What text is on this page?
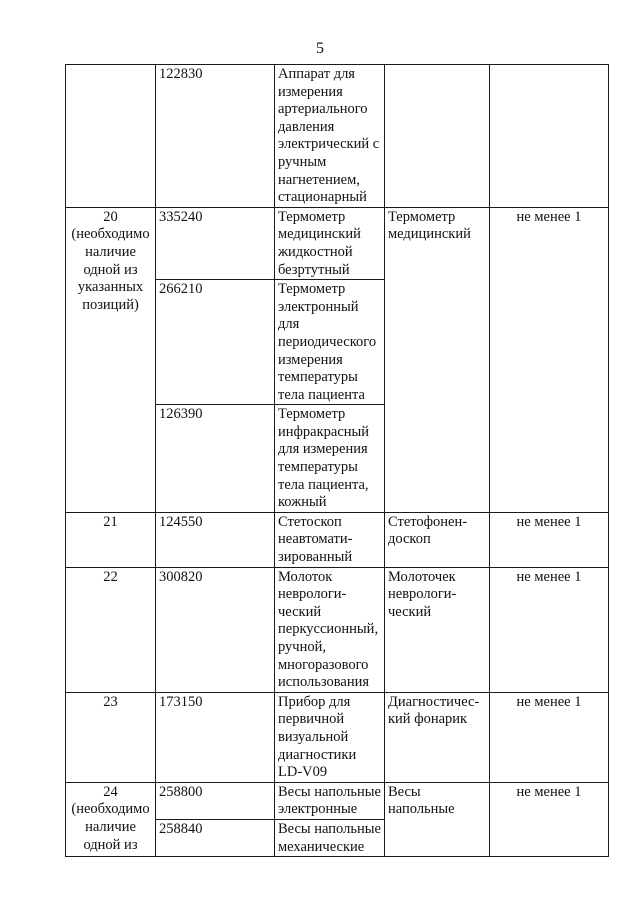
5
	122830	Аппарат для измерения артериального давления электрический с ручным нагнетением, стационарный		
20 (необходимо наличие одной из указанных позиций)	335240	Термометр медицинский жидкостной безртутный	Термометр медицинский	не менее 1
	266210	Термометр электронный для периодического измерения температуры тела пациента		
	126390	Термометр инфракрасный для измерения температуры тела пациента, кожный		
21	124550	Стетоскоп неавтомати-зированный	Стетофонен-доскоп	не менее 1
22	300820	Молоток неврологи-ческий перкуссионный, ручной, многоразового использования	Молоточек неврологи-ческий	не менее 1
23	173150	Прибор для первичной визуальной диагностики LD-V09	Диагностичес-кий фонарик	не менее 1
24 (необходимо наличие одной из	258800	Весы напольные электронные	Весы напольные	не менее 1
	258840	Весы напольные механические		
